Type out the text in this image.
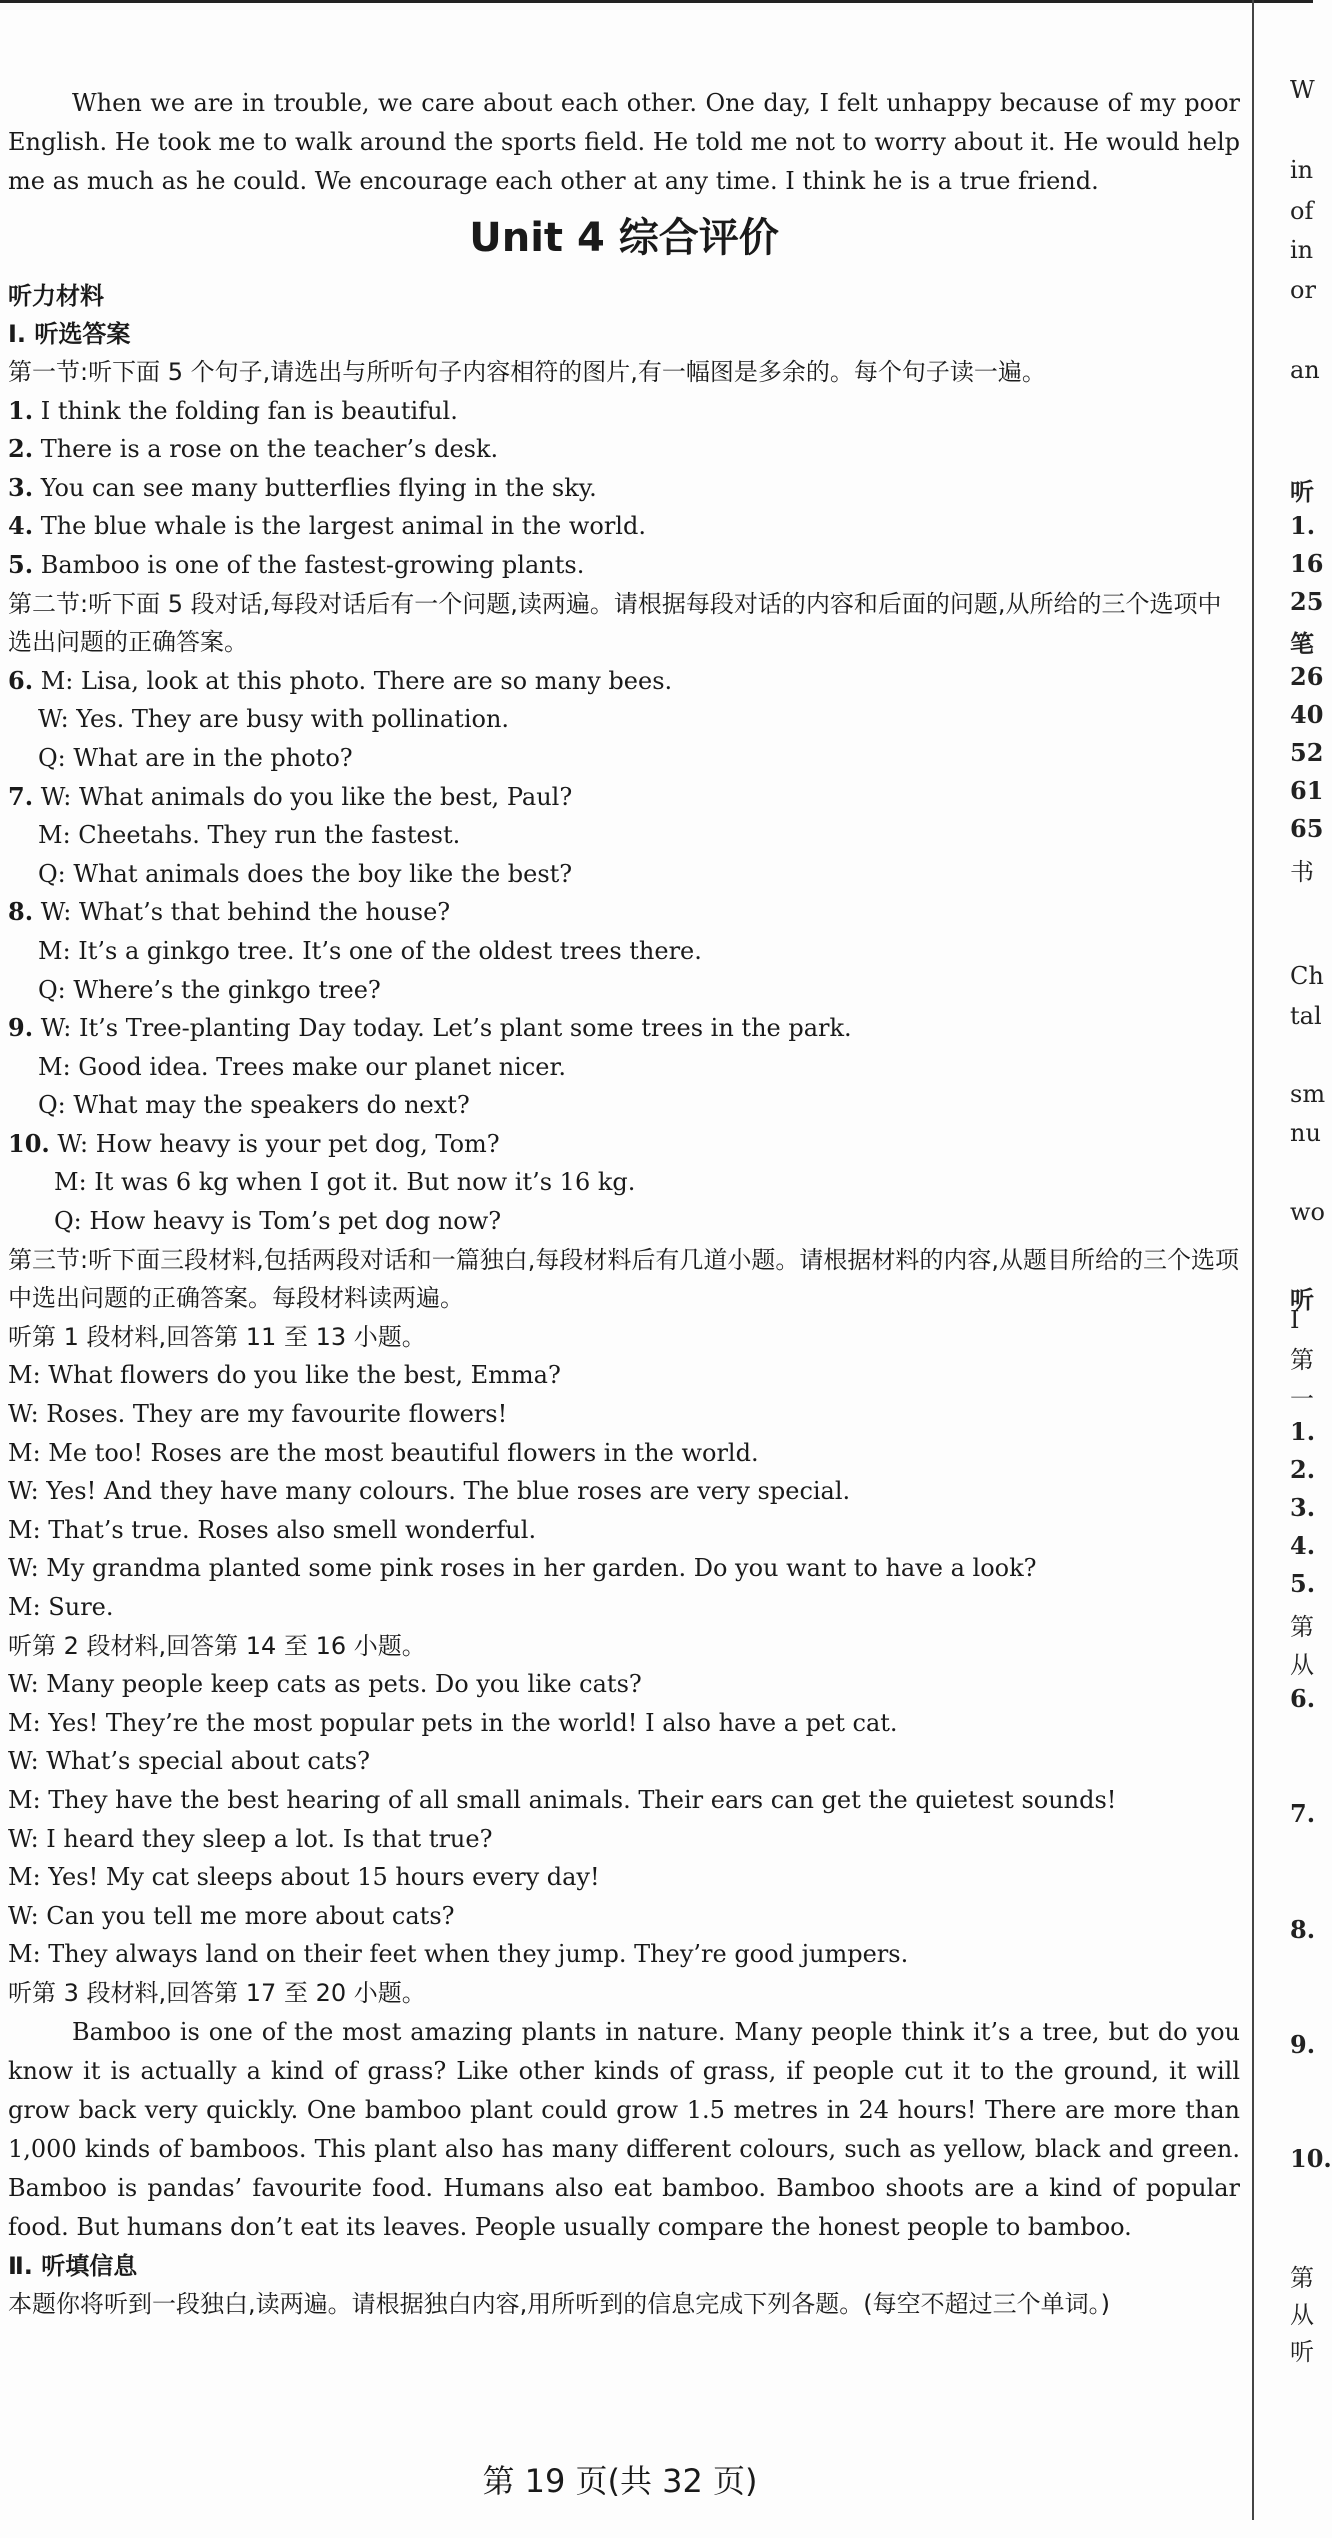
When we are in trouble, we care about each other. One day, I felt unhappy because of my poor English. He took me to walk around the sports field. He told me not to worry about it. He would help me as much as he could. We encourage each other at any time. I think he is a true friend.

Unit 4 综合评价

听力材料

Ⅰ. 听选答案

第一节:听下面 5 个句子,请选出与所听句子内容相符的图片,有一幅图是多余的。每个句子读一遍。

1. I think the folding fan is beautiful.

2. There is a rose on the teacher’s desk.

3. You can see many butterflies flying in the sky.

4. The blue whale is the largest animal in the world.

5. Bamboo is one of the fastest-growing plants.

第二节:听下面 5 段对话,每段对话后有一个问题,读两遍。请根据每段对话的内容和后面的问题,从所给的三个选项中选出问题的正确答案。

6. M: Lisa, look at this photo. There are so many bees.

W: Yes. They are busy with pollination.

Q: What are in the photo?

7. W: What animals do you like the best, Paul?

M: Cheetahs. They run the fastest.

Q: What animals does the boy like the best?

8. W: What’s that behind the house?

M: It’s a ginkgo tree. It’s one of the oldest trees there.

Q: Where’s the ginkgo tree?

9. W: It’s Tree-planting Day today. Let’s plant some trees in the park.

M: Good idea. Trees make our planet nicer.

Q: What may the speakers do next?

10. W: How heavy is your pet dog, Tom?

M: It was 6 kg when I got it. But now it’s 16 kg.

Q: How heavy is Tom’s pet dog now?

第三节:听下面三段材料,包括两段对话和一篇独白,每段材料后有几道小题。请根据材料的内容,从题目所给的三个选项中选出问题的正确答案。每段材料读两遍。

听第 1 段材料,回答第 11 至 13 小题。

M: What flowers do you like the best, Emma?

W: Roses. They are my favourite flowers!

M: Me too! Roses are the most beautiful flowers in the world.

W: Yes! And they have many colours. The blue roses are very special.

M: That’s true. Roses also smell wonderful.

W: My grandma planted some pink roses in her garden. Do you want to have a look?

M: Sure.

听第 2 段材料,回答第 14 至 16 小题。

W: Many people keep cats as pets. Do you like cats?

M: Yes! They’re the most popular pets in the world! I also have a pet cat.

W: What’s special about cats?

M: They have the best hearing of all small animals. Their ears can get the quietest sounds!

W: I heard they sleep a lot. Is that true?

M: Yes! My cat sleeps about 15 hours every day!

W: Can you tell me more about cats?

M: They always land on their feet when they jump. They’re good jumpers.

听第 3 段材料,回答第 17 至 20 小题。

Bamboo is one of the most amazing plants in nature. Many people think it’s a tree, but do you know it is actually a kind of grass? Like other kinds of grass, if people cut it to the ground, it will grow back very quickly. One bamboo plant could grow 1.5 metres in 24 hours! There are more than 1,000 kinds of bamboos. This plant also has many different colours, such as yellow, black and green. Bamboo is pandas’ favourite food. Humans also eat bamboo. Bamboo shoots are a kind of popular food. But humans don’t eat its leaves. People usually compare the honest people to bamboo.

Ⅱ. 听填信息

本题你将听到一段独白,读两遍。请根据独白内容,用所听到的信息完成下列各题。(每空不超过三个单词。)

第 19 页(共 32 页)
W
in
of
in
or
an
听
1.
16
25
笔
26
40
52
61
65
书
Ch
tal
sm
nu
wo
听
Ⅰ
第
一
1.
2.
3.
4.
5.
第
从
6.
7.
8.
9.
10.
第
从
听
